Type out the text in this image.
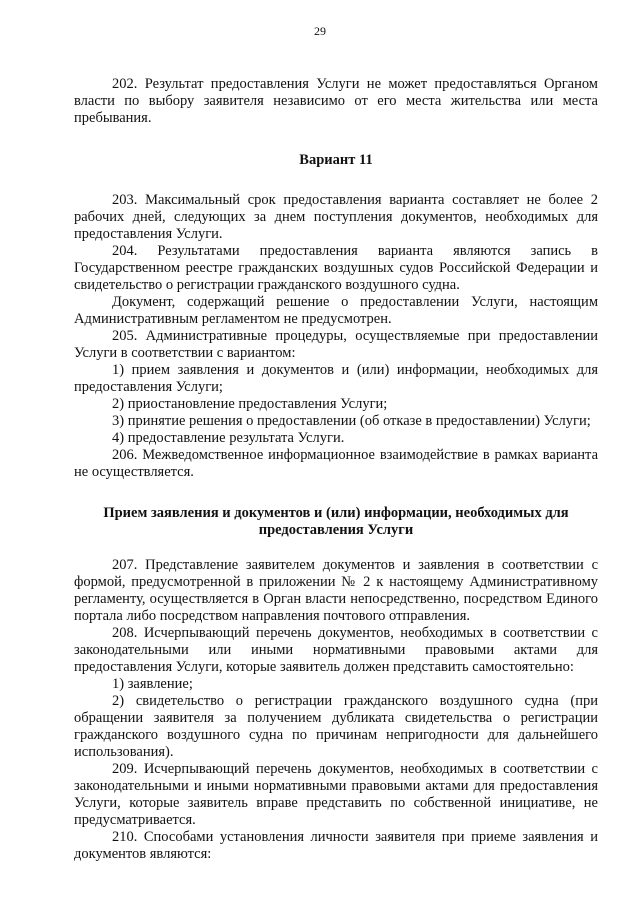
29

202. Результат предоставления Услуги не может предоставляться Органом власти по выбору заявителя независимо от его места жительства или места пребывания.

Вариант 11

203. Максимальный срок предоставления варианта составляет не более 2 рабочих дней, следующих за днем поступления документов, необходимых для предоставления Услуги.

204. Результатами предоставления варианта являются запись в Государственном реестре гражданских воздушных судов Российской Федерации и свидетельство о регистрации гражданского воздушного судна.

Документ, содержащий решение о предоставлении Услуги, настоящим Административным регламентом не предусмотрен.

205. Административные процедуры, осуществляемые при предоставлении Услуги в соответствии с вариантом:

1) прием заявления и документов и (или) информации, необходимых для предоставления Услуги;

2) приостановление предоставления Услуги;

3) принятие решения о предоставлении (об отказе в предоставлении) Услуги;

4) предоставление результата Услуги.

206. Межведомственное информационное взаимодействие в рамках варианта не осуществляется.

Прием заявления и документов и (или) информации, необходимых для предоставления Услуги

207. Представление заявителем документов и заявления в соответствии с формой, предусмотренной в приложении № 2 к настоящему Административному регламенту, осуществляется в Орган власти непосредственно, посредством Единого портала либо посредством направления почтового отправления.

208. Исчерпывающий перечень документов, необходимых в соответствии с законодательными или иными нормативными правовыми актами для предоставления Услуги, которые заявитель должен представить самостоятельно:

1) заявление;

2) свидетельство о регистрации гражданского воздушного судна (при обращении заявителя за получением дубликата свидетельства о регистрации гражданского воздушного судна по причинам непригодности для дальнейшего использования).

209. Исчерпывающий перечень документов, необходимых в соответствии с законодательными и иными нормативными правовыми актами для предоставления Услуги, которые заявитель вправе представить по собственной инициативе, не предусматривается.

210. Способами установления личности заявителя при приеме заявления и документов являются:
